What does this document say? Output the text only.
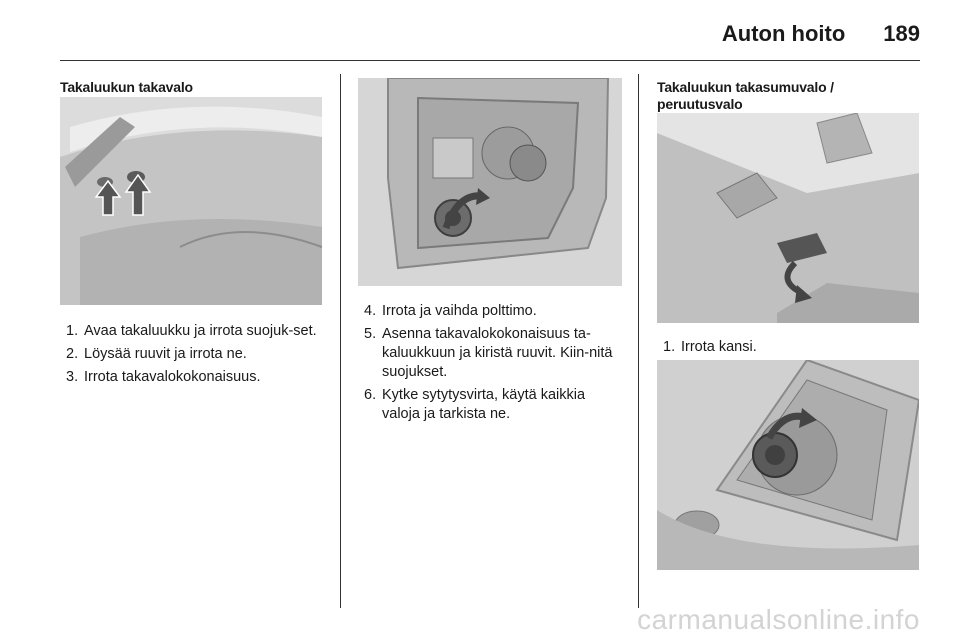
Auton hoito 189
Takaluukun takavalo
1. Avaa takaluukku ja irrota suojuk-set.
2. Löysää ruuvit ja irrota ne.
3. Irrota takavalokokonaisuus.
4. Irrota ja vaihda polttimo.
5. Asenna takavalokokonaisuus ta-kaluukkuun ja kiristä ruuvit. Kiin-nitä suojukset.
6. Kytke sytytysvirta, käytä kaikkia valoja ja tarkista ne.
Takaluukun takasumuvalo /
peruutusvalo
1. Irrota kansi.
carmanualsonline.info
